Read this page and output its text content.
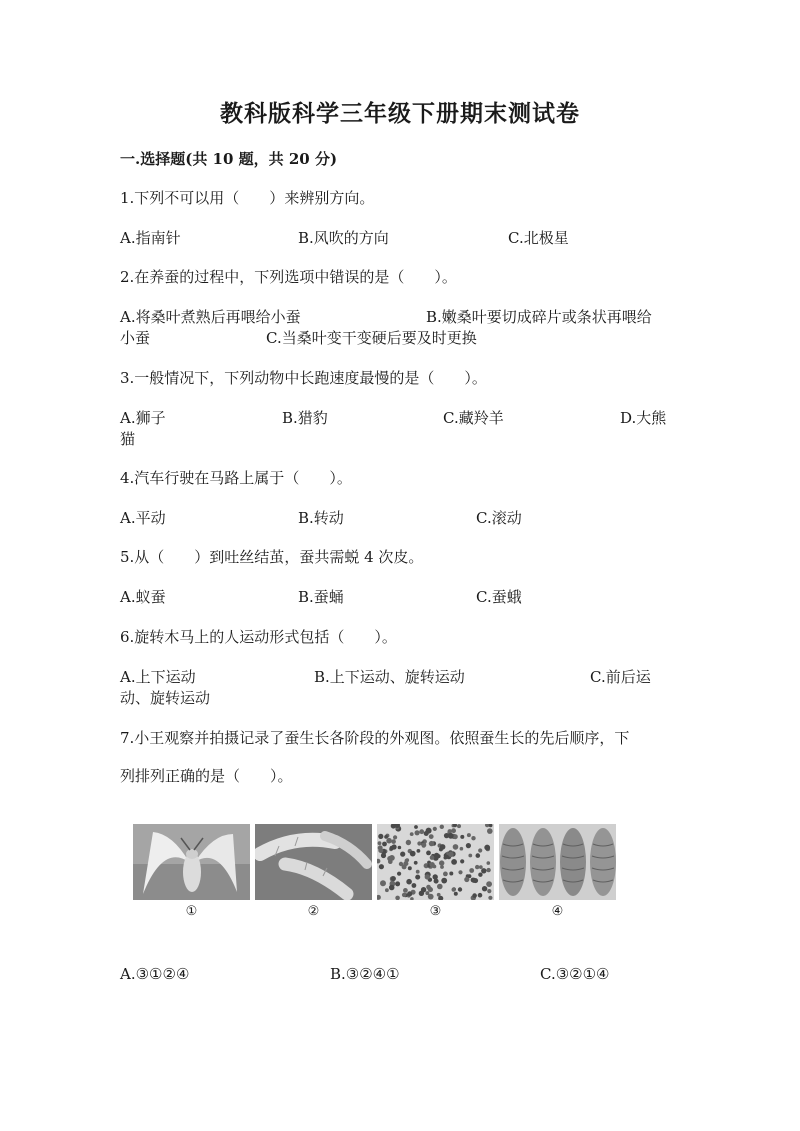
教科版科学三年级下册期末测试卷
一.选择题(共 10 题，共 20 分)
1.下列不可以用（　　）来辨别方向。
A.指南针	B.风吹的方向	C.北极星
2.在养蚕的过程中，下列选项中错误的是（　　）。
A.将桑叶煮熟后再喂给小蚕	B.嫩桑叶要切成碎片或条状再喂给
小蚕	C.当桑叶变干变硬后要及时更换
3.一般情况下，下列动物中长跑速度最慢的是（　　）。
A.狮子	B.猎豹	C.藏羚羊	D.大熊
猫
4.汽车行驶在马路上属于（　　）。
A.平动	B.转动	C.滚动
5.从（　　）到吐丝结茧，蚕共需蜕 4 次皮。
A.蚁蚕	B.蚕蛹	C.蚕蛾
6.旋转木马上的人运动形式包括（　　）。
A.上下运动	B.上下运动、旋转运动	C.前后运
动、旋转运动
7.小王观察并拍摄记录了蚕生长各阶段的外观图。依照蚕生长的先后顺序，下
列排列正确的是（　　）。
①	②	③	④
A.③①②④	B.③②④①	C.③②①④
